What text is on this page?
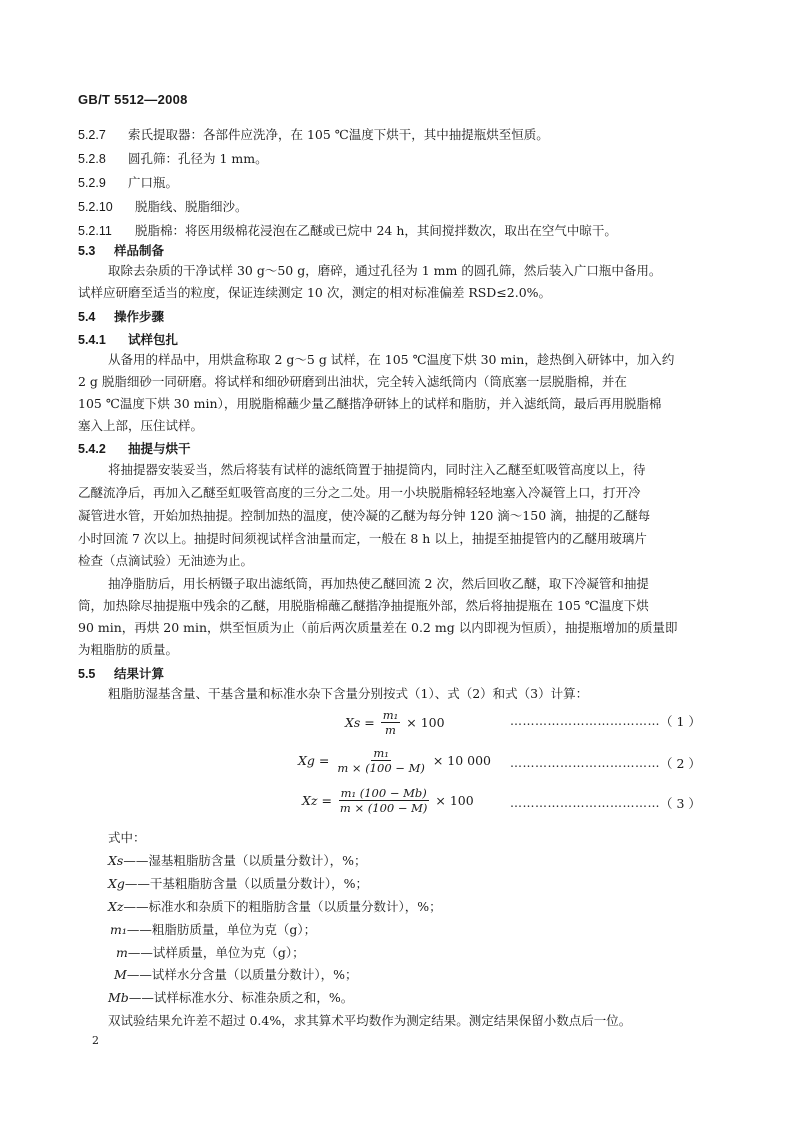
GB/T 5512—2008
5.2.7 索氏提取器：各部件应洗净，在 105 ℃温度下烘干，其中抽提瓶烘至恒质。
5.2.8 圆孔筛：孔径为 1 mm。
5.2.9 广口瓶。
5.2.10 脱脂线、脱脂细沙。
5.2.11 脱脂棉：将医用级棉花浸泡在乙醚或已烷中 24 h，其间搅拌数次，取出在空气中晾干。
5.3 样品制备
取除去杂质的干净试样 30 g～50 g，磨碎，通过孔径为 1 mm 的圆孔筛，然后装入广口瓶中备用。
试样应研磨至适当的粒度，保证连续测定 10 次，测定的相对标准偏差 RSD≤2.0%。
5.4 操作步骤
5.4.1 试样包扎
从备用的样品中，用烘盒称取 2 g～5 g 试样，在 105 ℃温度下烘 30 min，趁热倒入研钵中，加入约
2 g 脱脂细砂一同研磨。将试样和细砂研磨到出油状，完全转入滤纸筒内（筒底塞一层脱脂棉，并在
105 ℃温度下烘 30 min），用脱脂棉蘸少量乙醚揩净研钵上的试样和脂肪，并入滤纸筒，最后再用脱脂棉
塞入上部，压住试样。
5.4.2 抽提与烘干
将抽提器安装妥当，然后将装有试样的滤纸筒置于抽提筒内，同时注入乙醚至虹吸管高度以上，待
乙醚流净后，再加入乙醚至虹吸管高度的三分之二处。用一小块脱脂棉轻轻地塞入冷凝管上口，打开冷
凝管进水管，开始加热抽提。控制加热的温度，使冷凝的乙醚为每分钟 120 滴～150 滴，抽提的乙醚每
小时回流 7 次以上。抽提时间须视试样含油量而定，一般在 8 h 以上，抽提至抽提管内的乙醚用玻璃片
检查（点滴试验）无油迹为止。
抽净脂肪后，用长柄镊子取出滤纸筒，再加热使乙醚回流 2 次，然后回收乙醚，取下冷凝管和抽提
筒，加热除尽抽提瓶中残余的乙醚，用脱脂棉蘸乙醚揩净抽提瓶外部，然后将抽提瓶在 105 ℃温度下烘
90 min，再烘 20 min，烘至恒质为止（前后两次质量差在 0.2 mg 以内即视为恒质），抽提瓶增加的质量即
为粗脂肪的质量。
5.5 结果计算
粗脂肪湿基含量、干基含量和标准水杂下含量分别按式（1）、式（2）和式（3）计算：
$Xs = \frac{\text{m₁}}{m} \times 100$	……………………………… （ 1 ）
$Xg = \frac{\text{m₁}}{m \times (100 - M)} \times 10$ 000 ……………………………… （ 2 ）
$Xz = \frac{\text{m₁ (100 − Mb)}}{m \times (100 - M)} \times 100$	……………………………… （ 3 ）
式中：
Xs——湿基粗脂肪含量（以质量分数计），%；
Xg——干基粗脂肪含量（以质量分数计），%；
Xz——标准水和杂质下的粗脂肪含量（以质量分数计），%；
m₁——粗脂肪质量，单位为克（g）；
m——试样质量，单位为克（g）；
M——试样水分含量（以质量分数计），%；
Mb——试样标准水分、标准杂质之和，%。
双试验结果允许差不超过 0.4%，求其算术平均数作为测定结果。测定结果保留小数点后一位。
2
